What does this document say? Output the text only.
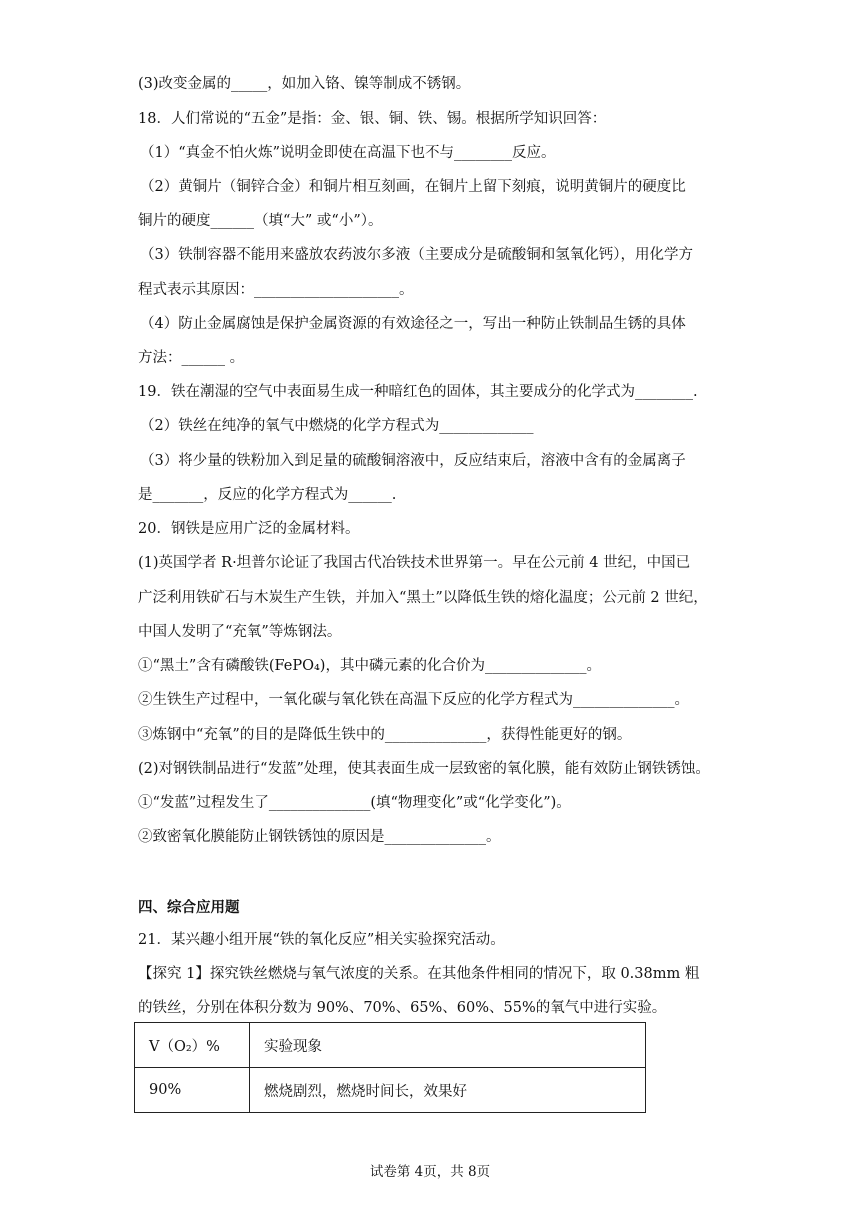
(3)改变金属的_____，如加入铬、镍等制成不锈钢。
18．人们常说的“五金”是指：金、银、铜、铁、锡。根据所学知识回答：
（1）“真金不怕火炼”说明金即使在高温下也不与________反应。
（2）黄铜片（铜锌合金）和铜片相互刻画，在铜片上留下刻痕，说明黄铜片的硬度比
铜片的硬度______（填“大” 或“小”）。
（3）铁制容器不能用来盛放农药波尔多液（主要成分是硫酸铜和氢氧化钙），用化学方
程式表示其原因：____________________。
（4）防止金属腐蚀是保护金属资源的有效途径之一，写出一种防止铁制品生锈的具体
方法：______ 。
19．铁在潮湿的空气中表面易生成一种暗红色的固体，其主要成分的化学式为________.
（2）铁丝在纯净的氧气中燃烧的化学方程式为_____________
（3）将少量的铁粉加入到足量的硫酸铜溶液中，反应结束后，溶液中含有的金属离子
是_______，反应的化学方程式为______.
20．钢铁是应用广泛的金属材料。
(1)英国学者 R·坦普尔论证了我国古代冶铁技术世界第一。早在公元前 4 世纪，中国已
广泛利用铁矿石与木炭生产生铁，并加入“黑土”以降低生铁的熔化温度；公元前 2 世纪，
中国人发明了“充氧”等炼钢法。
①“黑土”含有磷酸铁(FePO₄)，其中磷元素的化合价为______________。
②生铁生产过程中，一氧化碳与氧化铁在高温下反应的化学方程式为______________。
③炼钢中“充氧”的目的是降低生铁中的______________，获得性能更好的钢。
(2)对钢铁制品进行“发蓝”处理，使其表面生成一层致密的氧化膜，能有效防止钢铁锈蚀。
①“发蓝”过程发生了______________(填“物理变化”或“化学变化”)。
②致密氧化膜能防止钢铁锈蚀的原因是______________。
四、综合应用题
21．某兴趣小组开展“铁的氧化反应”相关实验探究活动。
【探究 1】探究铁丝燃烧与氧气浓度的关系。在其他条件相同的情况下，取 0.38mm 粗
的铁丝，分别在体积分数为 90%、70%、65%、60%、55%的氧气中进行实验。
V（O₂）%	实验现象
90%	燃烧剧烈，燃烧时间长，效果好
试卷第 4页，共 8页
